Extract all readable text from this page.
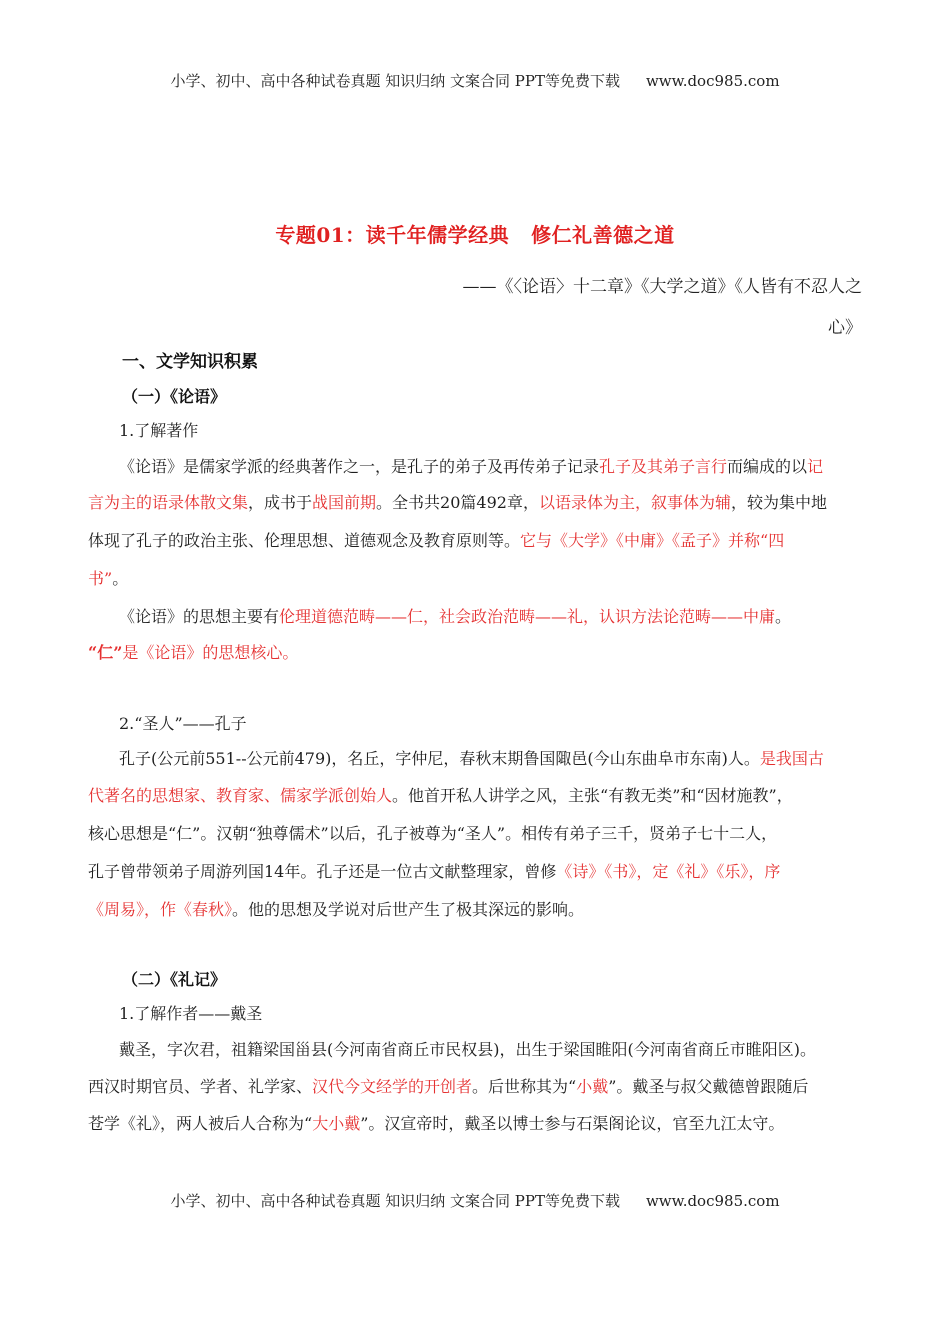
小学、初中、高中各种试卷真题 知识归纳 文案合同 PPT等免费下载 www.doc985.com
专题01：读千年儒学经典 修仁礼善德之道
——《〈论语〉十二章》《大学之道》《人皆有不忍人之
心》
一、文学知识积累
（一）《论语》
1.了解著作
《论语》是儒家学派的经典著作之一，是孔子的弟子及再传弟子记录孔子及其弟子言行而编成的以记
言为主的语录体散文集，成书于战国前期。全书共20篇492章，以语录体为主，叙事体为辅，较为集中地
体现了孔子的政治主张、伦理思想、道德观念及教育原则等。它与《大学》《中庸》《孟子》并称“四
书”。
《论语》的思想主要有伦理道德范畴——仁，社会政治范畴——礼，认识方法论范畴——中庸。
“仁”是《论语》的思想核心。
2.“圣人”——孔子
孔子(公元前551--公元前479)，名丘，字仲尼，春秋末期鲁国陬邑(今山东曲阜市东南)人。是我国古
代著名的思想家、教育家、儒家学派创始人。他首开私人讲学之风，主张“有教无类”和“因材施教”，
核心思想是“仁”。汉朝“独尊儒术”以后，孔子被尊为“圣人”。相传有弟子三千，贤弟子七十二人，
孔子曾带领弟子周游列国14年。孔子还是一位古文献整理家，曾修《诗》《书》，定《礼》《乐》，序
《周易》，作《春秋》。他的思想及学说对后世产生了极其深远的影响。
（二）《礼记》
1.了解作者——戴圣
戴圣，字次君，祖籍梁国甾县(今河南省商丘市民权县)，出生于梁国睢阳(今河南省商丘市睢阳区)。
西汉时期官员、学者、礼学家、汉代今文经学的开创者。后世称其为“小戴”。戴圣与叔父戴德曾跟随后
苍学《礼》，两人被后人合称为“大小戴”。汉宣帝时，戴圣以博士参与石渠阁论议，官至九江太守。
小学、初中、高中各种试卷真题 知识归纳 文案合同 PPT等免费下载 www.doc985.com
